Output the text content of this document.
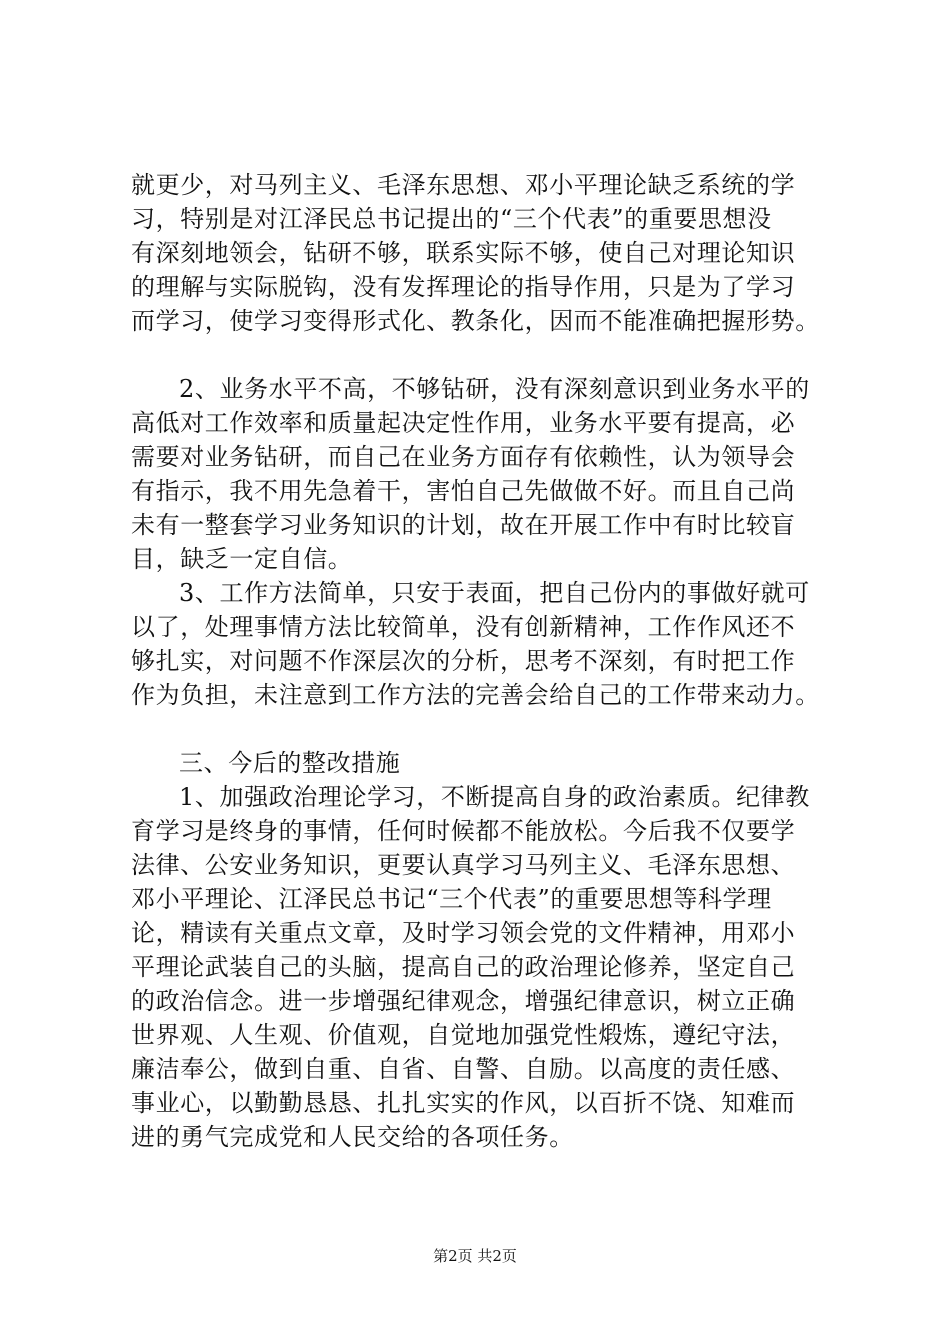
就更少，对马列主义、毛泽东思想、邓小平理论缺乏系统的学
习，特别是对江泽民总书记提出的“三个代表”的重要思想没
有深刻地领会，钻研不够，联系实际不够，使自己对理论知识
的理解与实际脱钩，没有发挥理论的指导作用，只是为了学习
而学习，使学习变得形式化、教条化，因而不能准确把握形势。
2、业务水平不高，不够钻研，没有深刻意识到业务水平的
高低对工作效率和质量起决定性作用，业务水平要有提高，必
需要对业务钻研，而自己在业务方面存有依赖性，认为领导会
有指示，我不用先急着干，害怕自己先做做不好。而且自己尚
未有一整套学习业务知识的计划，故在开展工作中有时比较盲
目，缺乏一定自信。
3、工作方法简单，只安于表面，把自己份内的事做好就可
以了，处理事情方法比较简单，没有创新精神，工作作风还不
够扎实，对问题不作深层次的分析，思考不深刻，有时把工作
作为负担，未注意到工作方法的完善会给自己的工作带来动力。
三、今后的整改措施
1、加强政治理论学习，不断提高自身的政治素质。纪律教
育学习是终身的事情，任何时候都不能放松。今后我不仅要学
法律、公安业务知识，更要认真学习马列主义、毛泽东思想、
邓小平理论、江泽民总书记“三个代表”的重要思想等科学理
论，精读有关重点文章，及时学习领会党的文件精神，用邓小
平理论武装自己的头脑，提高自己的政治理论修养，坚定自己
的政治信念。进一步增强纪律观念，增强纪律意识，树立正确
世界观、人生观、价值观，自觉地加强党性煅炼，遵纪守法，
廉洁奉公，做到自重、自省、自警、自励。以高度的责任感、
事业心，以勤勤恳恳、扎扎实实的作风，以百折不饶、知难而
进的勇气完成党和人民交给的各项任务。
第2页 共2页
